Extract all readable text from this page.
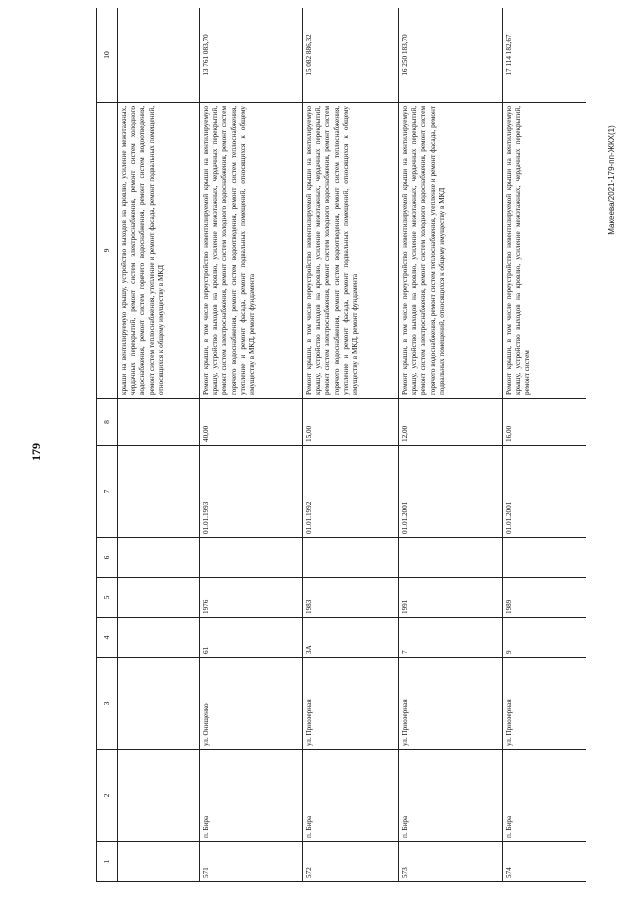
179
Макеева/2021-179-пп-ЖКХ(1)
1	2	3	4	5	6	7	8	9	10
								крыши на вентилируемую крышу, устройство выходов на кровлю, усиление межэтажных, чердачных перекрытий, ремонт систем электроснабжения, ремонт систем холодного водоснабжения, ремонт систем горячего водоснабжения, ремонт систем водоотведения, ремонт систем теплоснабжения, утепление и ремонт фасада, ремонт подвальных помещений, относящихся к общему имуществу в МКД	
571	п. Бира	ул. Онищенко	61	1976		01.01.1993	40,00	Ремонт крыши, в том числе переустройство невентилируемой крыши на вентилируемую крышу, устройство выходов на кровлю, усиление межэтажных, чердачных перекрытий, ремонт систем электроснабжения, ремонт систем холодного водоснабжения, ремонт систем горячего водоснабжения, ремонт систем водоотведения, ремонт систем теплоснабжения, утепление и ремонт фасада, ремонт подвальных помещений, относящихся к общему имуществу в МКД, ремонт фундамента	13 761 083,70
572	п. Бира	ул. Приозерная	3А	1983		01.01.1992	15,00	Ремонт крыши, в том числе переустройство невентилируемой крыши на вентилируемую крышу, устройство выходов на кровлю, усиление межэтажных, чердачных перекрытий, ремонт систем электроснабжения, ремонт систем холодного водоснабжения, ремонт систем горячего водоснабжения, ремонт систем водоотведения, ремонт систем теплоснабжения, утепление и ремонт фасада, ремонт подвальных помещений, относящихся к общему имуществу в МКД, ремонт фундамента	15 082 886,32
573	п. Бира	ул. Приозерная	7	1991		01.01.2001	12,00	Ремонт крыши, в том числе переустройство невентилируемой крыши на вентилируемую крышу, устройство выходов на кровлю, усиление межэтажных, чердачных перекрытий, ремонт систем электроснабжения, ремонт систем холодного водоснабжения, ремонт систем горячего водоснабжения, ремонт систем теплоснабжения, утепление и ремонт фасада, ремонт подвальных помещений, относящихся к общему имуществу в МКД	16 250 183,70
574	п. Бира	ул. Приозерная	9	1989		01.01.2001	16,00	Ремонт крыши, в том числе переустройство невентилируемой крыши на вентилируемую крышу, устройство выходов на кровлю, усиление межэтажных, чердачных перекрытий, ремонт систем	17 114 182,67
